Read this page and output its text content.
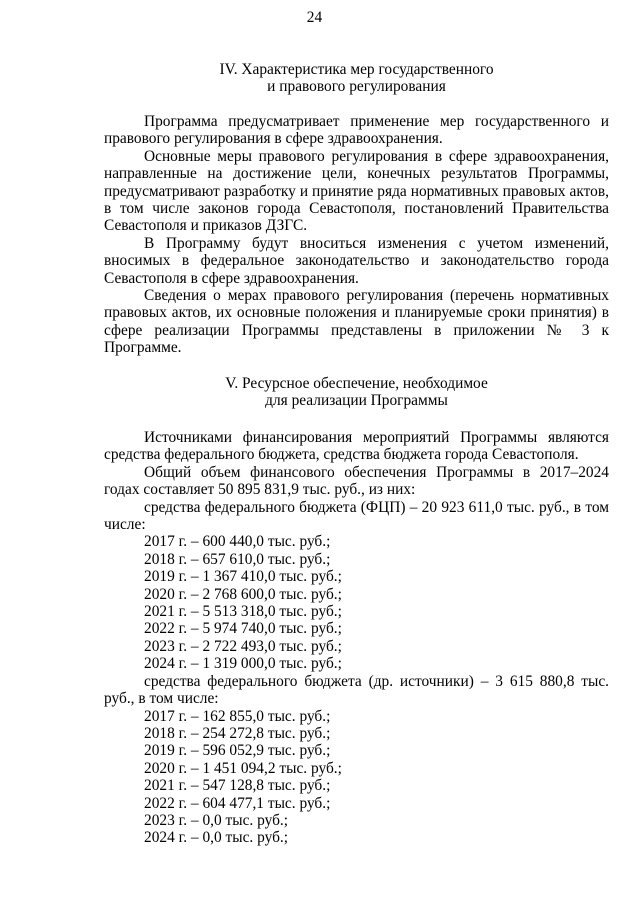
24
IV. Характеристика мер государственного
и правового регулирования

Программа предусматривает применение мер государственного и правового регулирования в сфере здравоохранения.

Основные меры правового регулирования в сфере здравоохранения, направленные на достижение цели, конечных результатов Программы, предусматривают разработку и принятие ряда нормативных правовых актов, в том числе законов города Севастополя, постановлений Правительства Севастополя и приказов ДЗГС.

В Программу будут вноситься изменения с учетом изменений, вносимых в федеральное законодательство и законодательство города Севастополя в сфере здравоохранения.

Сведения о мерах правового регулирования (перечень нормативных правовых актов, их основные положения и планируемые сроки принятия) в сфере реализации Программы представлены в приложении № 3 к Программе.

V. Ресурсное обеспечение, необходимое
для реализации Программы

Источниками финансирования мероприятий Программы являются средства федерального бюджета, средства бюджета города Севастополя.

Общий объем финансового обеспечения Программы в 2017–2024 годах составляет 50 895 831,9 тыс. руб., из них:

средства федерального бюджета (ФЦП) – 20 923 611,0 тыс. руб., в том числе:

2017 г. – 600 440,0 тыс. руб.;

2018 г. – 657 610,0 тыс. руб.;

2019 г. – 1 367 410,0 тыс. руб.;

2020 г. – 2 768 600,0 тыс. руб.;

2021 г. – 5 513 318,0 тыс. руб.;

2022 г. – 5 974 740,0 тыс. руб.;

2023 г. – 2 722 493,0 тыс. руб.;

2024 г. – 1 319 000,0 тыс. руб.;

средства федерального бюджета (др. источники) – 3 615 880,8 тыс. руб., в том числе:

2017 г. – 162 855,0 тыс. руб.;

2018 г. – 254 272,8 тыс. руб.;

2019 г. – 596 052,9 тыс. руб.;

2020 г. – 1 451 094,2 тыс. руб.;

2021 г. – 547 128,8 тыс. руб.;

2022 г. – 604 477,1 тыс. руб.;

2023 г. – 0,0 тыс. руб.;

2024 г. – 0,0 тыс. руб.;
